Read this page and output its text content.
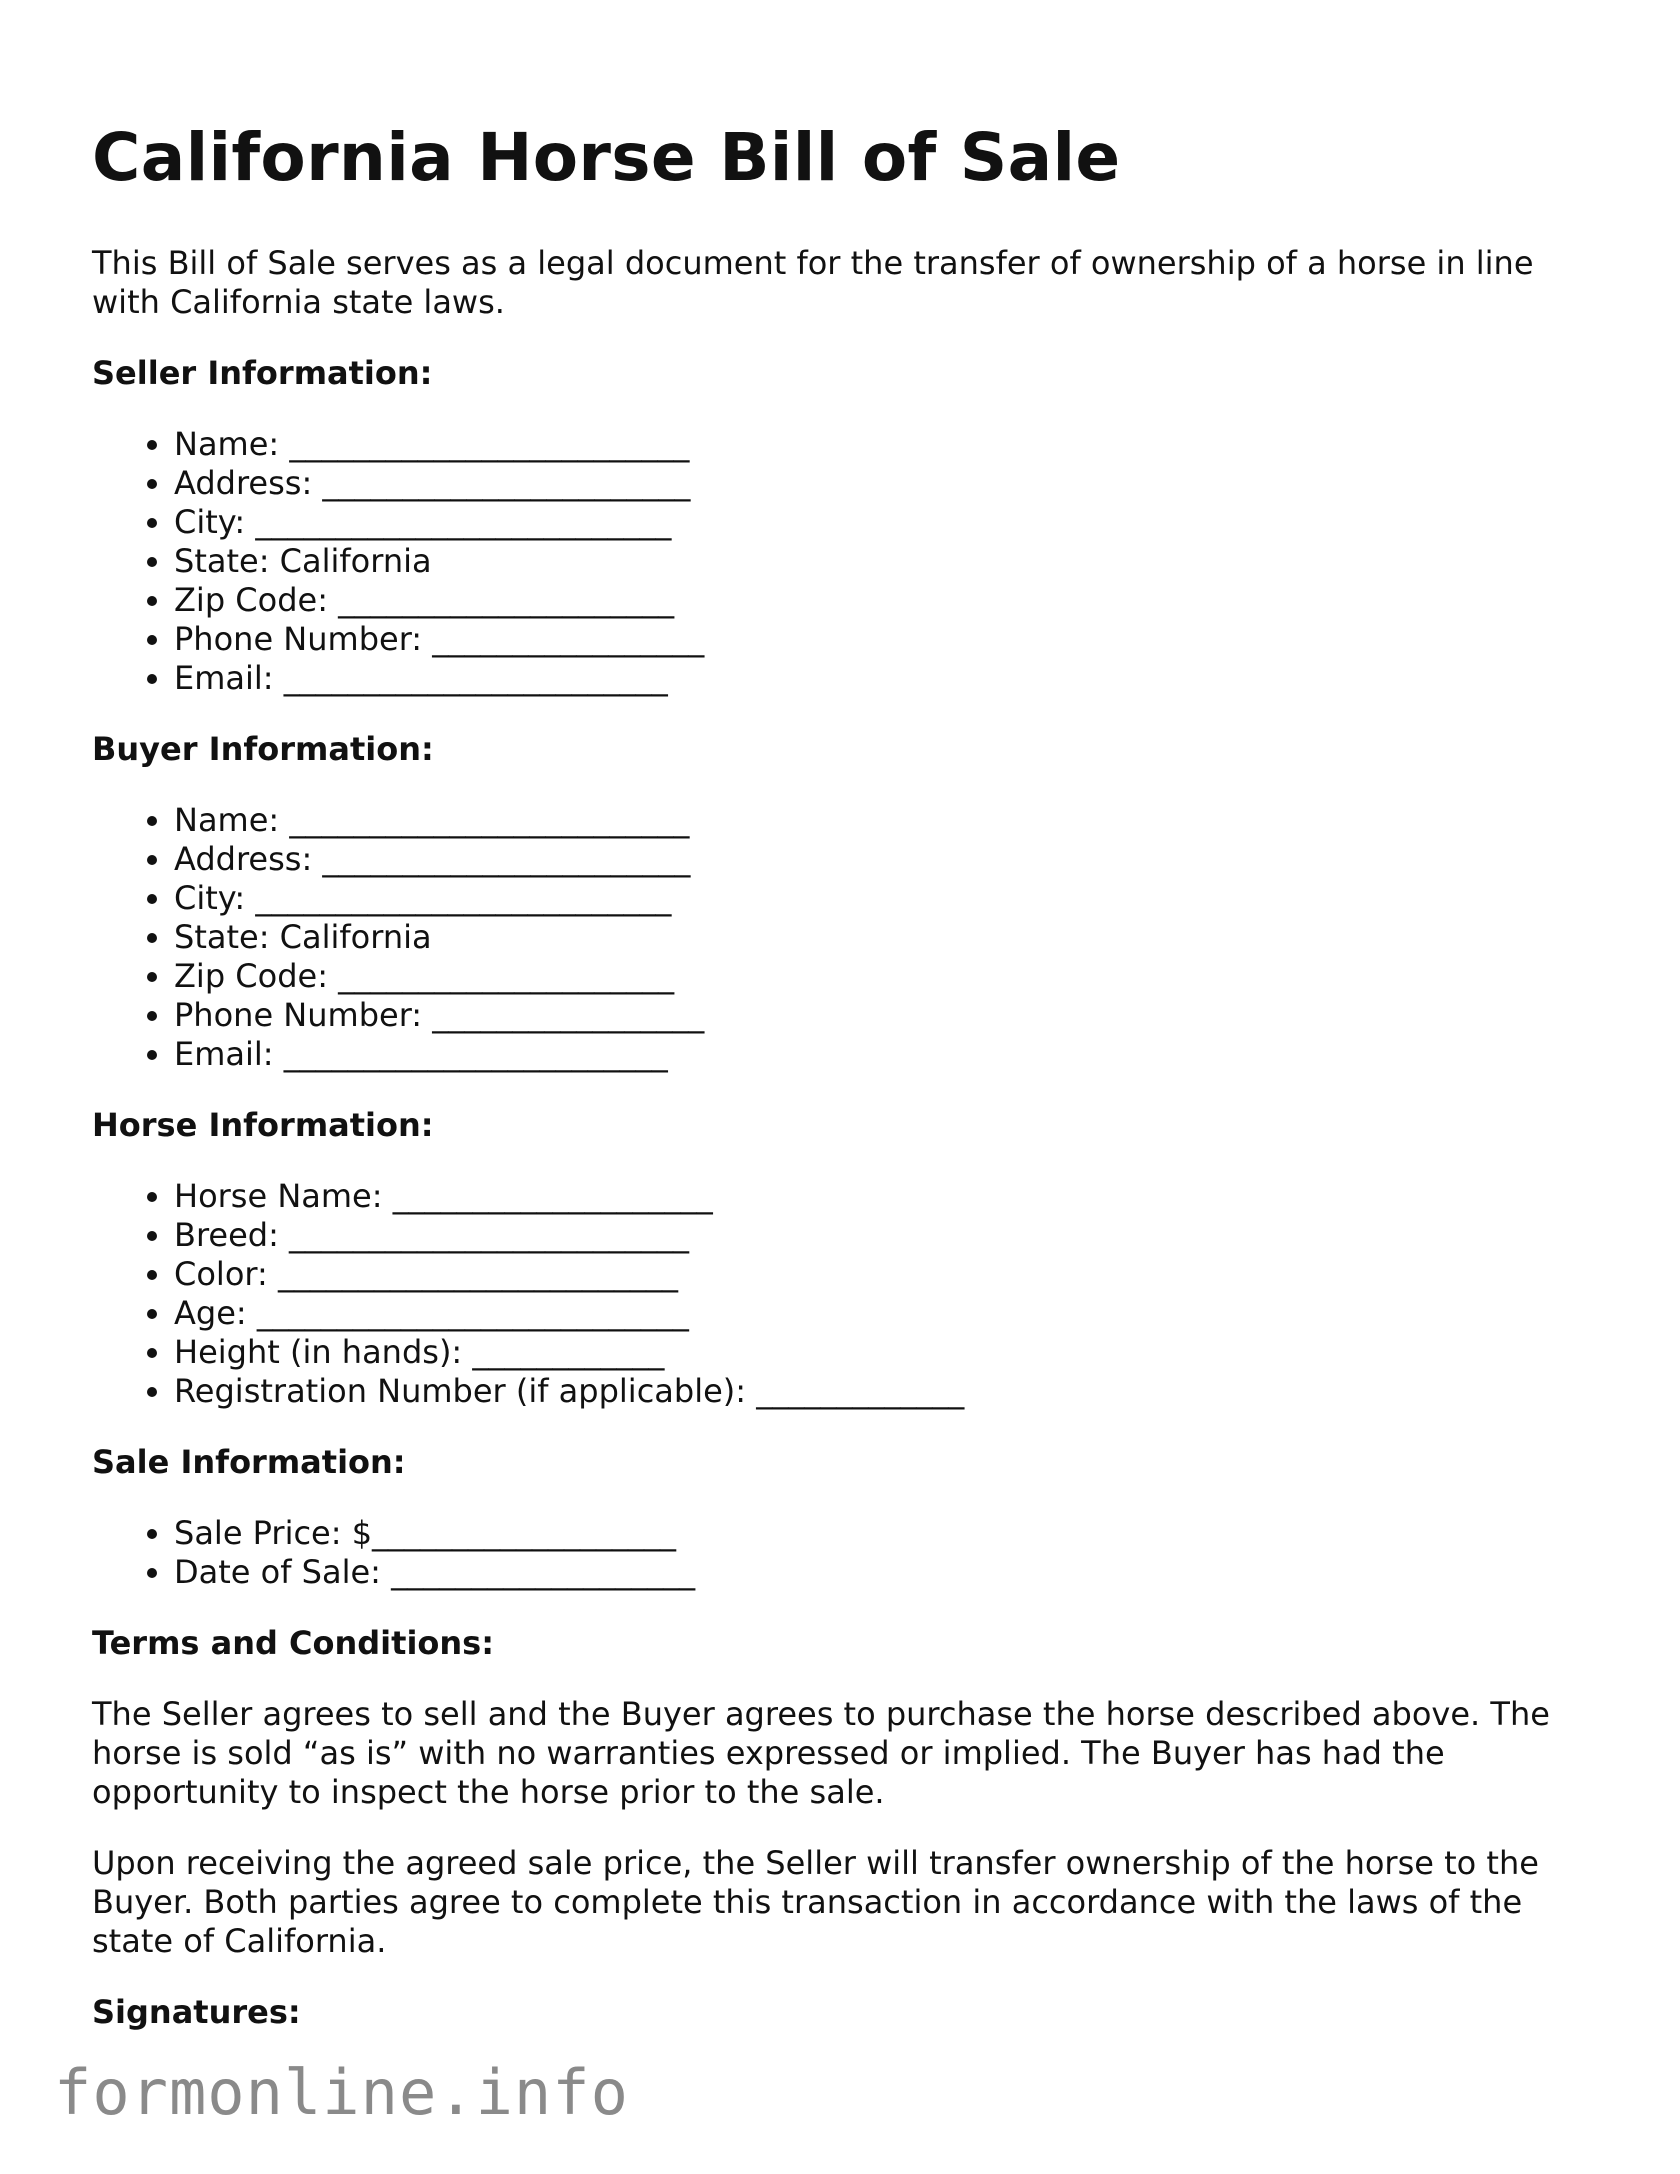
California Horse Bill of Sale

This Bill of Sale serves as a legal document for the transfer of ownership of a horse in line with California state laws.

Seller Information:
• Name: _________________________
• Address: _______________________
• City: __________________________
• State: California
• Zip Code: _____________________
• Phone Number: _________________
• Email: ________________________
Buyer Information:
• Name: _________________________
• Address: _______________________
• City: __________________________
• State: California
• Zip Code: _____________________
• Phone Number: _________________
• Email: ________________________
Horse Information:
• Horse Name: ____________________
• Breed: _________________________
• Color: _________________________
• Age: ___________________________
• Height (in hands): ____________
• Registration Number (if applicable): _____________
Sale Information:
• Sale Price: $___________________
• Date of Sale: ___________________
Terms and Conditions:

The Seller agrees to sell and the Buyer agrees to purchase the horse described above. The horse is sold “as is” with no warranties expressed or implied. The Buyer has had the opportunity to inspect the horse prior to the sale.

Upon receiving the agreed sale price, the Seller will transfer ownership of the horse to the Buyer. Both parties agree to complete this transaction in accordance with the laws of the state of California.

Signatures:
formonline.info
